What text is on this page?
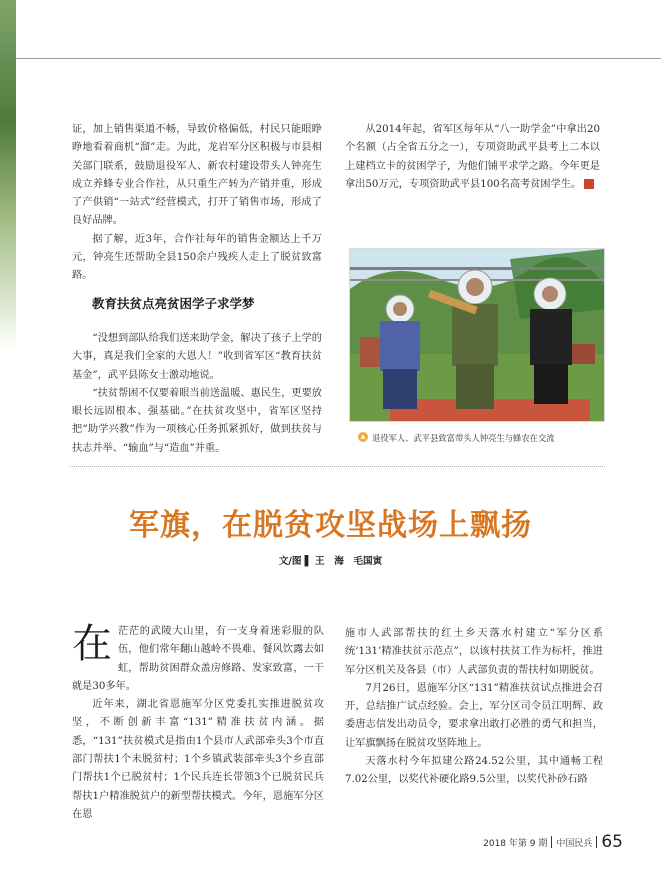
证，加上销售渠道不畅，导致价格偏低，村民只能眼睁睁地看着商机“溜”走。为此，龙岩军分区积极与市县相关部门联系，鼓励退役军人、新农村建设带头人钟亮生成立养蜂专业合作社，从只重生产转为产销并重，形成了产供销“一站式”经营模式，打开了销售市场，形成了良好品牌。

据了解，近3年，合作社每年的销售金额达上千万元，钟亮生还帮助全县150余户残疾人走上了脱贫致富路。

教育扶贫点亮贫困学子求学梦

“没想到部队给我们送来助学金，解决了孩子上学的大事，真是我们全家的大恩人！”收到省军区“教育扶贫基金”，武平县陈女士激动地说。

“扶贫帮困不仅要着眼当前送温暖、惠民生，更要放眼长远固根本、强基础。”在扶贫攻坚中，省军区坚持把“助学兴教”作为一项核心任务抓紧抓好，做到扶贫与扶志并举、“输血”与“造血”并重。

从2014年起，省军区每年从“八一助学金”中拿出20个名额（占全省五分之一），专项资助武平县考上二本以上建档立卡的贫困学子，为他们铺平求学之路。今年更是拿出50万元，专项资助武平县100名高考贫困学生。	军

▲ 退役军人、武平县致富带头人钟亮生与蜂农在交流
军旗，在脱贫攻坚战场上飘扬
文/图 ▌ 王　海　毛国寅

在茫茫的武陵大山里，有一支身着迷彩服的队伍，他们常年翻山越岭不畏难、餐风饮露去如虹，帮助贫困群众盖房修路、发家致富，一干就是30多年。

近年来，湖北省恩施军分区党委扎实推进脱贫攻坚，不断创新丰富“131”精准扶贫内涵。据悉，“131”扶贫模式是指由1个县市人武部牵头3个市直部门帮扶1个未脱贫村；1个乡镇武装部牵头3个乡直部门帮扶1个已脱贫村；1个民兵连长带领3个已脱贫民兵帮扶1户精准脱贫户的新型帮扶模式。今年，恩施军分区在恩

施市人武部帮扶的红土乡天落水村建立“军分区系统‘131’精准扶贫示范点”，以该村扶贫工作为标杆，推进军分区机关及各县（市）人武部负责的帮扶村如期脱贫。

7月26日，恩施军分区“131”精准扶贫试点推进会召开，总结推广试点经验。会上，军分区司令员江明辉、政委唐志信发出动员令，要求拿出敢打必胜的勇气和担当，让军旗飘扬在脱贫攻坚阵地上。

天落水村今年拟建公路24.52公里，其中通畅工程7.02公里，以奖代补硬化路9.5公里，以奖代补砂石路

2018 年第 9 期 中国民兵 65
